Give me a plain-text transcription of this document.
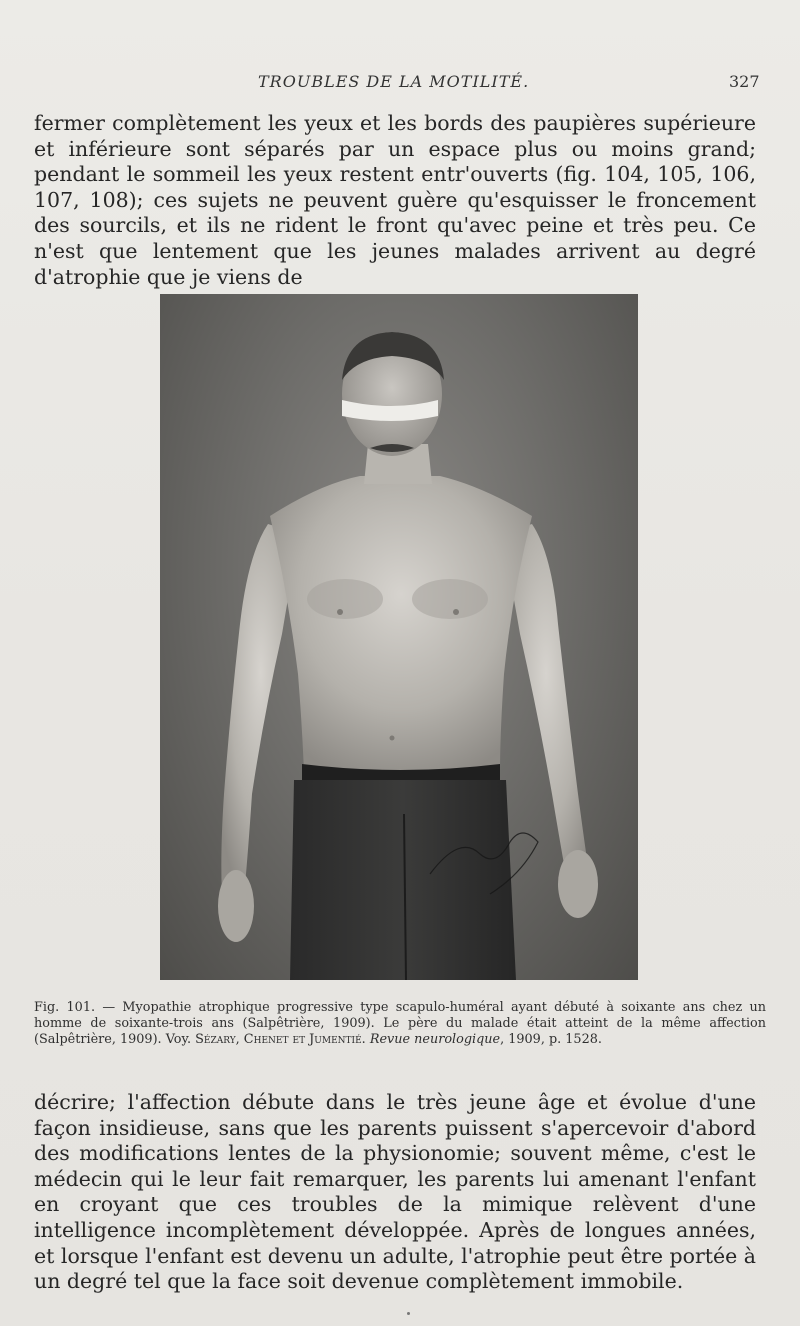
TROUBLES DE LA MOTILITÉ.	327

fermer complètement les yeux et les bords des paupières supérieure et inférieure sont séparés par un espace plus ou moins grand; pendant le sommeil les yeux restent entr'ouverts (fig. 104, 105, 106, 107, 108); ces sujets ne peuvent guère qu'esquisser le froncement des sourcils, et ils ne rident le front qu'avec peine et très peu. Ce n'est que lentement que les jeunes malades arrivent au degré d'atrophie que je viens de

Fig. 101. — Myopathie atrophique progressive type scapulo-huméral ayant débuté à soixante ans chez un homme de soixante-trois ans (Salpêtrière, 1909). Le père du malade était atteint de la même affection (Salpêtrière, 1909). Voy. Sézary, Chenet et Jumentié. Revue neurologique, 1909, p. 1528.

décrire; l'affection débute dans le très jeune âge et évolue d'une façon insidieuse, sans que les parents puissent s'apercevoir d'abord des modifications lentes de la physionomie; souvent même, c'est le médecin qui le leur fait remarquer, les parents lui amenant l'enfant en croyant que ces troubles de la mimique relèvent d'une intelligence incomplètement développée. Après de longues années, et lorsque l'enfant est devenu un adulte, l'atrophie peut être portée à un degré tel que la face soit devenue complètement immobile.
